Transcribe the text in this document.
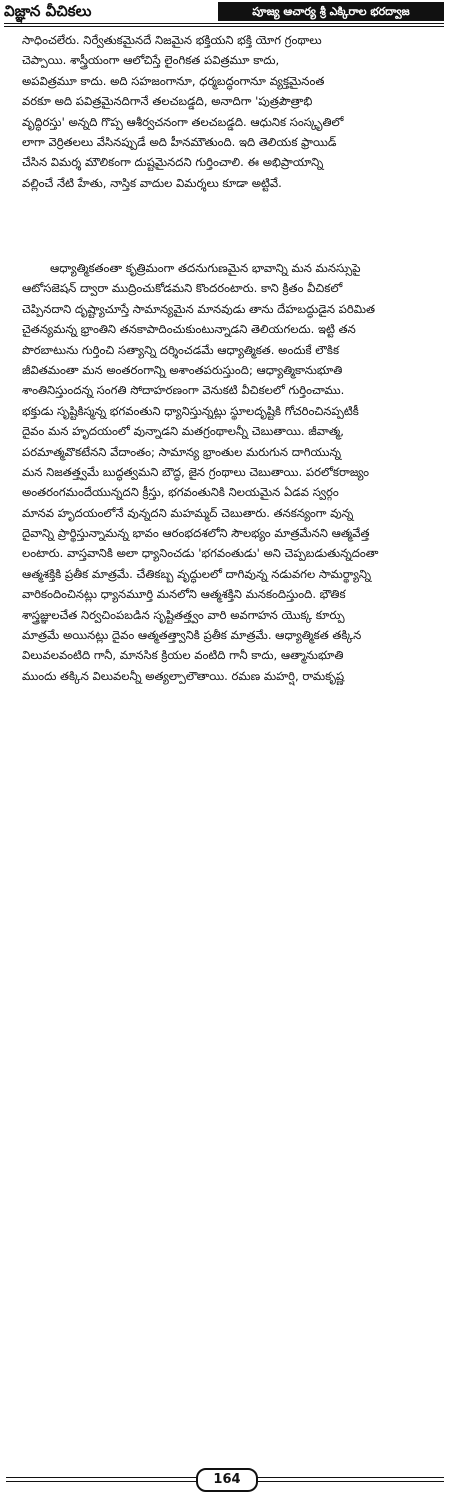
విజ్ఞాన వీచికలు	పూజ్య ఆచార్య శ్రీ ఎక్కిరాల భరద్వాజ
సాధించలేరు. నిర్వేతుకమైనదే నిజమైన భక్తియని భక్తి యోగ గ్రంథాలు
చెప్పాయి. శాస్త్రీయంగా ఆలోచిస్తే లైంగికత పవిత్రమూ కాదు,
అపవిత్రమూ కాదు. అది సహజంగానూ, ధర్మబద్ధంగానూ వ్యక్తమైనంత
వరకూ అది పవిత్రమైనదిగానే తలచబడ్డది, అనాదిగా 'పుత్రపౌత్రాభి
వృద్ధిరస్తు' అన్నది గొప్ప ఆశీర్వచనంగా తలచబడ్డది. ఆధునిక సంస్కృతిలో
లాగా వెర్రితలలు వేసినప్పుడే అది హీనమౌతుంది. ఇది తెలియక ఫ్రాయిడ్
చేసిన విమర్శ మౌలికంగా దుష్టమైనదని గుర్తించాలి. ఈ అభిప్రాయాన్ని
వల్లించే నేటి హేతు, నాస్తిక వాదుల విమర్శలు కూడా అట్టివే.
ఆధ్యాత్మికతంతా కృత్రిమంగా తదనుగుణమైన భావాన్ని మన మనస్సుపై
ఆటోసజెషన్ ద్వారా ముద్రించుకోడమని కొందరంటారు. కాని క్రితం వీచికలో
చెప్పినదాని దృష్ట్యాచూస్తే సామాన్యమైన మానవుడు తాను దేహబద్ధుడైన పరిమిత
చైతన్యమన్న భ్రాంతిని తనకాపాదించుకుంటున్నాడని తెలియగలదు. ఇట్టి తన
పొరబాటును గుర్తించి సత్యాన్ని దర్శించడమే ఆధ్యాత్మికత. అందుకే లౌకిక
జీవితమంతా మన అంతరంగాన్ని అశాంతపరుస్తుంది; ఆధ్యాత్మికానుభూతి
శాంతినిస్తుందన్న సంగతి సోదాహరణంగా వెనుకటి వీచికలలో గుర్తించాము.
భక్తుడు సృష్టికిస్మన్న భగవంతుని ధ్యానిస్తున్నట్లు స్థూలదృష్టికి గోచరించినప్పటికీ
దైవం మన హృదయంలో వున్నాడని మతగ్రంథాలన్నీ చెబుతాయి. జీవాత్మ,
పరమాత్మవొకటేనని వేదాంతం; సామాన్య భ్రాంతుల మరుగున దాగియున్న
మన నిజతత్త్వమే బుద్ధత్వమని బౌద్ధ, జైన గ్రంథాలు చెబుతాయి. పరలోకరాజ్యం
అంతరంగమందేయున్నదని క్రీస్తు, భగవంతునికి నిలయమైన ఏడవ స్వర్గం
మానవ హృదయంలోనే వున్నదని మహమ్మద్ చెబుతారు. తనకన్యంగా వున్న
దైవాన్ని ప్రార్థిస్తున్నామన్న భావం ఆరంభదశలోని సౌలభ్యం మాత్రమేనని ఆత్మవేత్త
లంటారు. వాస్తవానికి అలా ధ్యానించడు 'భగవంతుడు' అని చెప్పబడుతున్నదంతా
ఆత్మశక్తికి ప్రతీక మాత్రమే. చేతికబ్బ వృద్ధులలో దాగివున్న నడువగల సామర్థ్యాన్ని
వారికందించినట్లు ధ్యానమూర్తి మనలోని ఆత్మశక్తిని మనకందిస్తుంది. భౌతిక
శాస్త్రజ్ఞులచేత నిర్వచింపబడిన సృష్టితత్త్వం వారి అవగాహన యొక్క కూర్పు
మాత్రమే అయినట్లు దైవం ఆత్మతత్త్వానికి ప్రతీక మాత్రమే. ఆధ్యాత్మికత తక్కిన
విలువలవంటిది గానీ, మానసిక క్రియల వంటిది గానీ కాదు, ఆత్మానుభూతి
ముందు తక్కిన విలువలన్నీ అత్యల్పాలౌతాయి. రమణ మహర్షి, రామకృష్ణ
164
